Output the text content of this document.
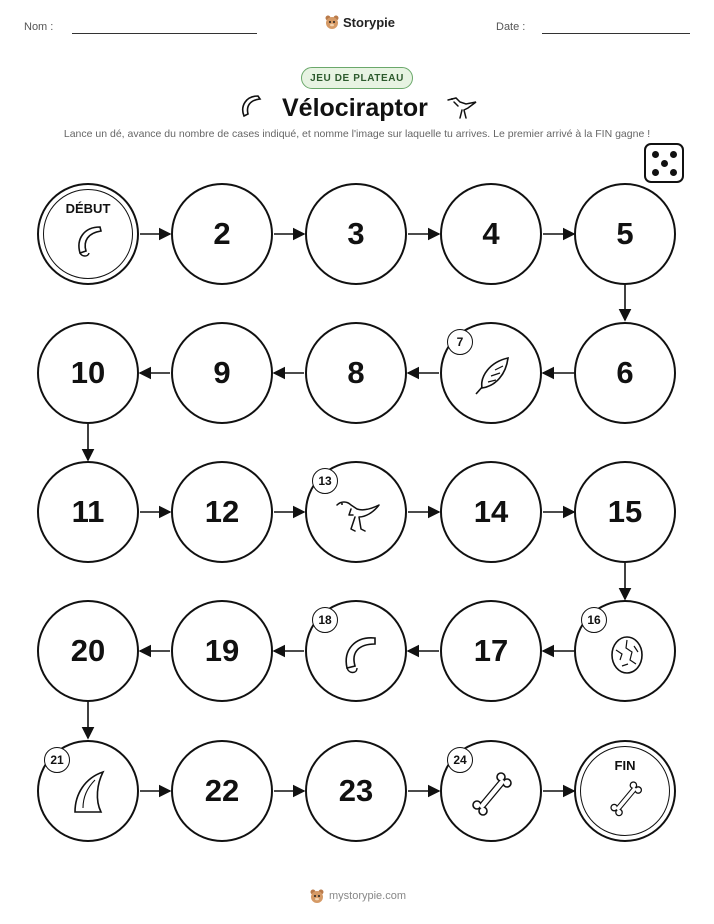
Nom :	Storypie	Date :
JEU DE PLATEAU
Vélociraptor
Lance un dé, avance du nombre de cases indiqué, et nomme l'image sur laquelle tu arrives. Le premier arrivé à la FIN gagne !
DÉBUT
2	3	4	5
6
7
8
9
10
11	12
13
14	15
16
17
18
19
20
21
22	23
24	FIN
mystorypie.com
